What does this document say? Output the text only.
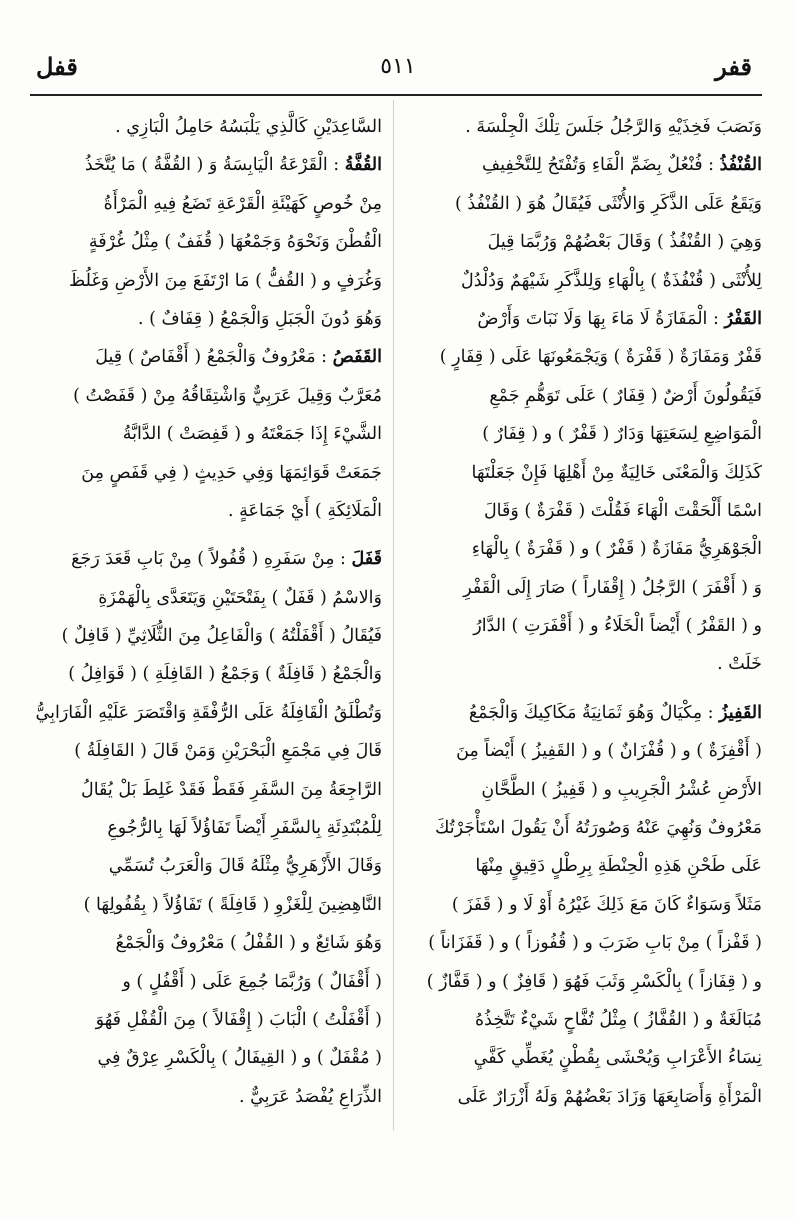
قفر
٥١١
قفل
وَنَصَبَ فَخِذَيْهِ وَالرَّجُلُ جَلَسَ تِلْكَ الْجِلْسَةَ .
القُنْفُذُ : فُنْعُلٌ بِضَمِّ الْفَاءِ وَتُفْتَحُ لِلتَّخْفِيفِ
وَيَقَعُ عَلَى الذَّكَرِ وَالأُنْثَى فَيُقَالُ هُوَ ( القُنْفُذُ )
وَهِيَ ( القُنْفُذُ ) وَقَالَ بَعْضُهُمْ وَرُبَّمَا قِيلَ
لِلأُنْثَى ( قُنْفُذَةٌ ) بِالْهَاءِ وَلِلذَّكَرِ شَيْهَمٌ وَدُلْدُلٌ
القَفْرُ : الْمَفَازَةُ لَا مَاءَ بِهَا وَلَا نَبَاتَ وَأَرْضٌ
قَفْرٌ وَمَفَازَةٌ ( قَفْرَةٌ ) وَيَجْمَعُونَهَا عَلَى ( قِفَارٍ )
فَيَقُولُونَ أَرْضٌ ( قِفَارٌ ) عَلَى تَوَهُّمِ جَمْعِ
الْمَوَاضِعِ لِسَعَتِهَا وَدَارٌ ( قَفْرٌ ) و ( قِفَارٌ )
كَذَلِكَ وَالْمَعْنَى خَالِيَةٌ مِنْ أَهْلِهَا فَإِنْ جَعَلْتَهَا
اسْمًا أَلْحَقْتَ الْهَاءَ فَقُلْتَ ( قَفْرَةٌ ) وَقَالَ
الْجَوْهَرِيُّ مَفَازَةٌ ( قَفْرٌ ) و ( قَفْرَةٌ ) بِالْهَاءِ
وَ ( أَقْفَرَ ) الرَّجُلُ ( إِقْفَاراً ) صَارَ إِلَى الْقَفْرِ
و ( القَفْرُ ) أَيْضاً الْخَلَاءُ و ( أَقْفَرَتِ ) الدَّارُ
خَلَتْ .
القَفِيزُ : مِكْيَالٌ وَهُوَ ثَمَانِيَةُ مَكَاكِيكَ وَالْجَمْعُ
( أَقْفِزَةٌ ) و ( قُفْزَانٌ ) و ( القَفِيزُ ) أَيْضاً مِنَ
الأَرْضِ عُشْرُ الْجَرِيبِ و ( قَفِيزُ ) الطَّحَّانِ
مَعْرُوفٌ وَنُهِيَ عَنْهُ وَصُورَتُهُ أَنْ يَقُولَ اسْتَأْجَرْتُكَ
عَلَى طَحْنِ هَذِهِ الْحِنْطَةِ بِرِطْلٍ دَقِيقٍ مِنْهَا
مَثَلاً وَسَوَاءٌ كَانَ مَعَ ذَلِكَ غَيْرُهُ أَوْ لَا و ( قَفَزَ )
( قَفْزاً ) مِنْ بَابِ ضَرَبَ و ( قُفُوزاً ) و ( قَفَزَاناً )
و ( قِفَازاً ) بِالْكَسْرِ وَثَبَ فَهُوَ ( قَافِزٌ ) و ( قَفَّازٌ )
مُبَالَغَةٌ و ( القُفَّازُ ) مِثْلُ تُفَّاحٍ شَيْءٌ تَتَّخِذُهُ
نِسَاءُ الأَعْرَابِ وَيُحْشَى بِقُطْنٍ يُغَطِّي كَفَّيِ
الْمَرْأَةِ وَأَصَابِعَهَا وَزَادَ بَعْضُهُمْ وَلَهُ أَزْرَارٌ عَلَى
السَّاعِدَيْنِ كَالَّذِي يَلْبَسُهُ حَامِلُ الْبَازِي .
القُفَّةُ : الْقَرْعَةُ الْيَابِسَةُ وَ ( القُفَّةُ ) مَا يُتَّخَذُ
مِنْ خُوصٍ كَهَيْئَةِ الْقَرْعَةِ تَضَعُ فِيهِ الْمَرْأَةُ
الْقُطْنَ وَنَحْوَهُ وَجَمْعُهَا ( قُفَفٌ ) مِثْلُ غُرْفَةٍ
وَغُرَفٍ و ( القُفُّ ) مَا ارْتَفَعَ مِنَ الأَرْضِ وَغَلُظَ
وَهُوَ دُونَ الْجَبَلِ وَالْجَمْعُ ( قِفَافٌ ) .
القَفَصُ : مَعْرُوفٌ وَالْجَمْعُ ( أَقْفَاصٌ ) قِيلَ
مُعَرَّبٌ وَقِيلَ عَرَبِيٌّ وَاشْتِقَاقُهُ مِنْ ( قَفَصْتُ )
الشَّيْءَ إِذَا جَمَعْتَهُ و ( قَفِصَتْ ) الدَّابَّةُ
جَمَعَتْ قَوَائِمَهَا وَفِي حَدِيثٍ ( فِي قَفَصٍ مِنَ
الْمَلَائِكَةِ ) أَيْ جَمَاعَةٍ .
قَفَلَ : مِنْ سَفَرِهِ ( قُفُولاً ) مِنْ بَابِ قَعَدَ رَجَعَ
وَالاسْمُ ( قَفَلٌ ) بِفَتْحَتَيْنِ وَيَتَعَدَّى بِالْهَمْزَةِ
فَيُقَالُ ( أَقْفَلْتُهُ ) وَالْفَاعِلُ مِنَ الثُّلَاثِيِّ ( قَافِلٌ )
وَالْجَمْعُ ( قَافِلَةٌ ) وَجَمْعُ ( القَافِلَةِ ) ( قَوَافِلُ )
وَتُطْلَقُ الْقَافِلَةُ عَلَى الرُّفْقَةِ وَاقْتَصَرَ عَلَيْهِ الْفَارَابِيُّ
قَالَ فِي مَجْمَعِ الْبَحْرَيْنِ وَمَنْ قَالَ ( القَافِلَةُ )
الرَّاجِعَةُ مِنَ السَّفَرِ فَقَطْ فَقَدْ غَلِطَ بَلْ يُقَالُ
لِلْمُبْتَدِئَةِ بِالسَّفَرِ أَيْضاً تَفَاؤُلاً لَهَا بِالرُّجُوعِ
وَقَالَ الأَزْهَرِيُّ مِثْلَهُ قَالَ وَالْعَرَبُ تُسَمِّي
النَّاهِضِينَ لِلْغَزْوِ ( قَافِلَةً ) تَفَاؤُلاً ( بِقُفُولِهَا )
وَهُوَ شَائِعٌ و ( القُفْلُ ) مَعْرُوفٌ وَالْجَمْعُ
( أَقْفَالٌ ) وَرُبَّمَا جُمِعَ عَلَى ( أَقْفُلٍ ) و
( أَقْفَلْتُ ) الْبَابَ ( إِقْفَالاً ) مِنَ الْقُفْلِ فَهُوَ
( مُقْفَلٌ ) و ( القِيفَالُ ) بِالْكَسْرِ عِرْقٌ فِي
الذِّرَاعِ يُفْصَدُ عَرَبِيٌّ .
